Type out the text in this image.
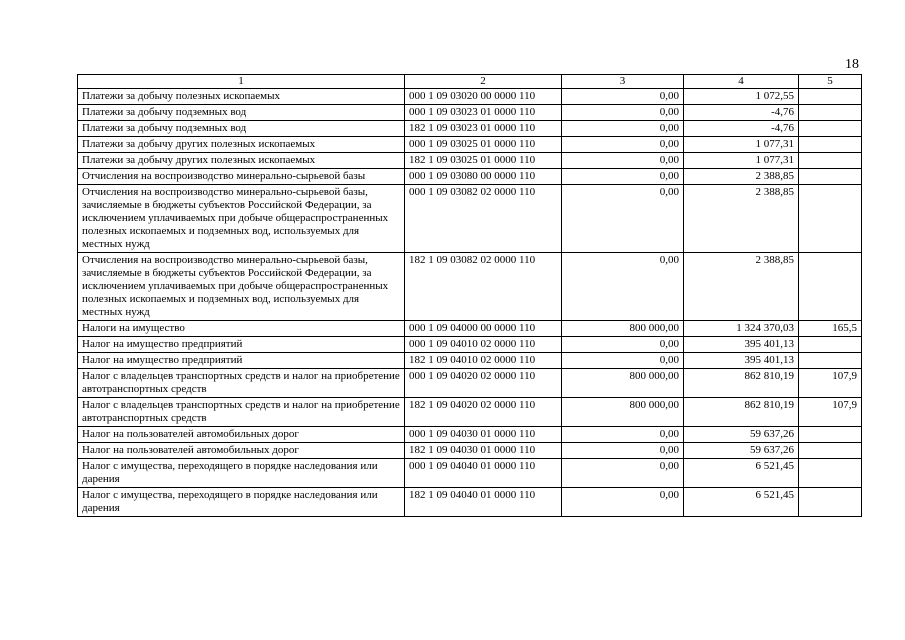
18
1	2	3	4	5
Платежи за добычу полезных ископаемых	000 1 09 03020 00 0000 110	0,00	1 072,55	
Платежи за добычу подземных вод	000 1 09 03023 01 0000 110	0,00	-4,76	
Платежи за добычу подземных вод	182 1 09 03023 01 0000 110	0,00	-4,76	
Платежи за добычу других полезных ископаемых	000 1 09 03025 01 0000 110	0,00	1 077,31	
Платежи за добычу других полезных ископаемых	182 1 09 03025 01 0000 110	0,00	1 077,31	
Отчисления на воспроизводство минерально-сырьевой базы	000 1 09 03080 00 0000 110	0,00	2 388,85	
Отчисления на воспроизводство минерально-сырьевой базы, зачисляемые в бюджеты субъектов Российской Федерации, за исключением уплачиваемых при добыче общераспространенных полезных ископаемых и подземных вод, используемых для местных нужд	000 1 09 03082 02 0000 110	0,00	2 388,85	
Отчисления на воспроизводство минерально-сырьевой базы, зачисляемые в бюджеты субъектов Российской Федерации, за исключением уплачиваемых при добыче общераспространенных полезных ископаемых и подземных вод, используемых для местных нужд	182 1 09 03082 02 0000 110	0,00	2 388,85	
Налоги на имущество	000 1 09 04000 00 0000 110	800 000,00	1 324 370,03	165,5
Налог на имущество предприятий	000 1 09 04010 02 0000 110	0,00	395 401,13	
Налог на имущество предприятий	182 1 09 04010 02 0000 110	0,00	395 401,13	
Налог с владельцев транспортных средств и налог на приобретение автотранспортных средств	000 1 09 04020 02 0000 110	800 000,00	862 810,19	107,9
Налог с владельцев транспортных средств и налог на приобретение автотранспортных средств	182 1 09 04020 02 0000 110	800 000,00	862 810,19	107,9
Налог на пользователей автомобильных дорог	000 1 09 04030 01 0000 110	0,00	59 637,26	
Налог на пользователей автомобильных дорог	182 1 09 04030 01 0000 110	0,00	59 637,26	
Налог с имущества, переходящего в порядке наследования или дарения	000 1 09 04040 01 0000 110	0,00	6 521,45	
Налог с имущества, переходящего в порядке наследования или дарения	182 1 09 04040 01 0000 110	0,00	6 521,45	
